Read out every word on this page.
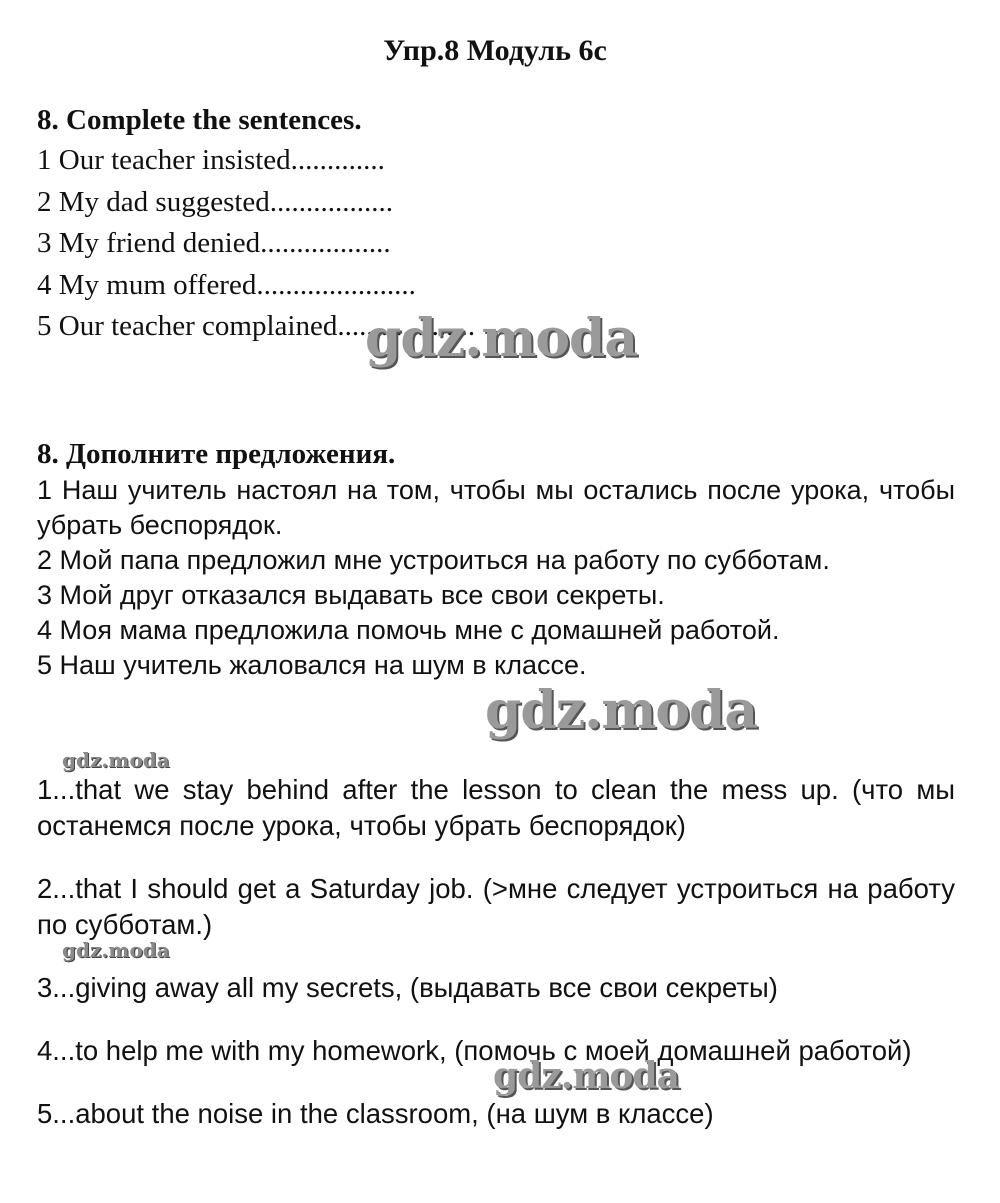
Упр.8 Модуль 6с

8. Complete the sentences.

1 Our teacher insisted.............

2 My dad suggested.................

3 My friend denied..................

4 My mum offered......................

5 Our teacher complained...................

8. Дополните предложения.

1 Наш учитель настоял на том, чтобы мы остались после урока, чтобы убрать беспорядок.

2 Мой папа предложил мне устроиться на работу по субботам.

3 Мой друг отказался выдавать все свои секреты.

4 Моя мама предложила помочь мне с домашней работой.

5 Наш учитель жаловался на шум в классе.

1...that we stay behind after the lesson to clean the mess up. (что мы останемся после урока, чтобы убрать беспорядок)

2...that I should get a Saturday job. (>мне следует устроиться на работу по субботам.)

3...giving away all my secrets, (выдавать все свои секреты)

4...to help me with my homework, (помочь с моей домашней работой)

5...about the noise in the classroom, (на шум в классе)

gdz.moda
gdz.moda
gdz.moda
gdz.moda
gdz.moda
